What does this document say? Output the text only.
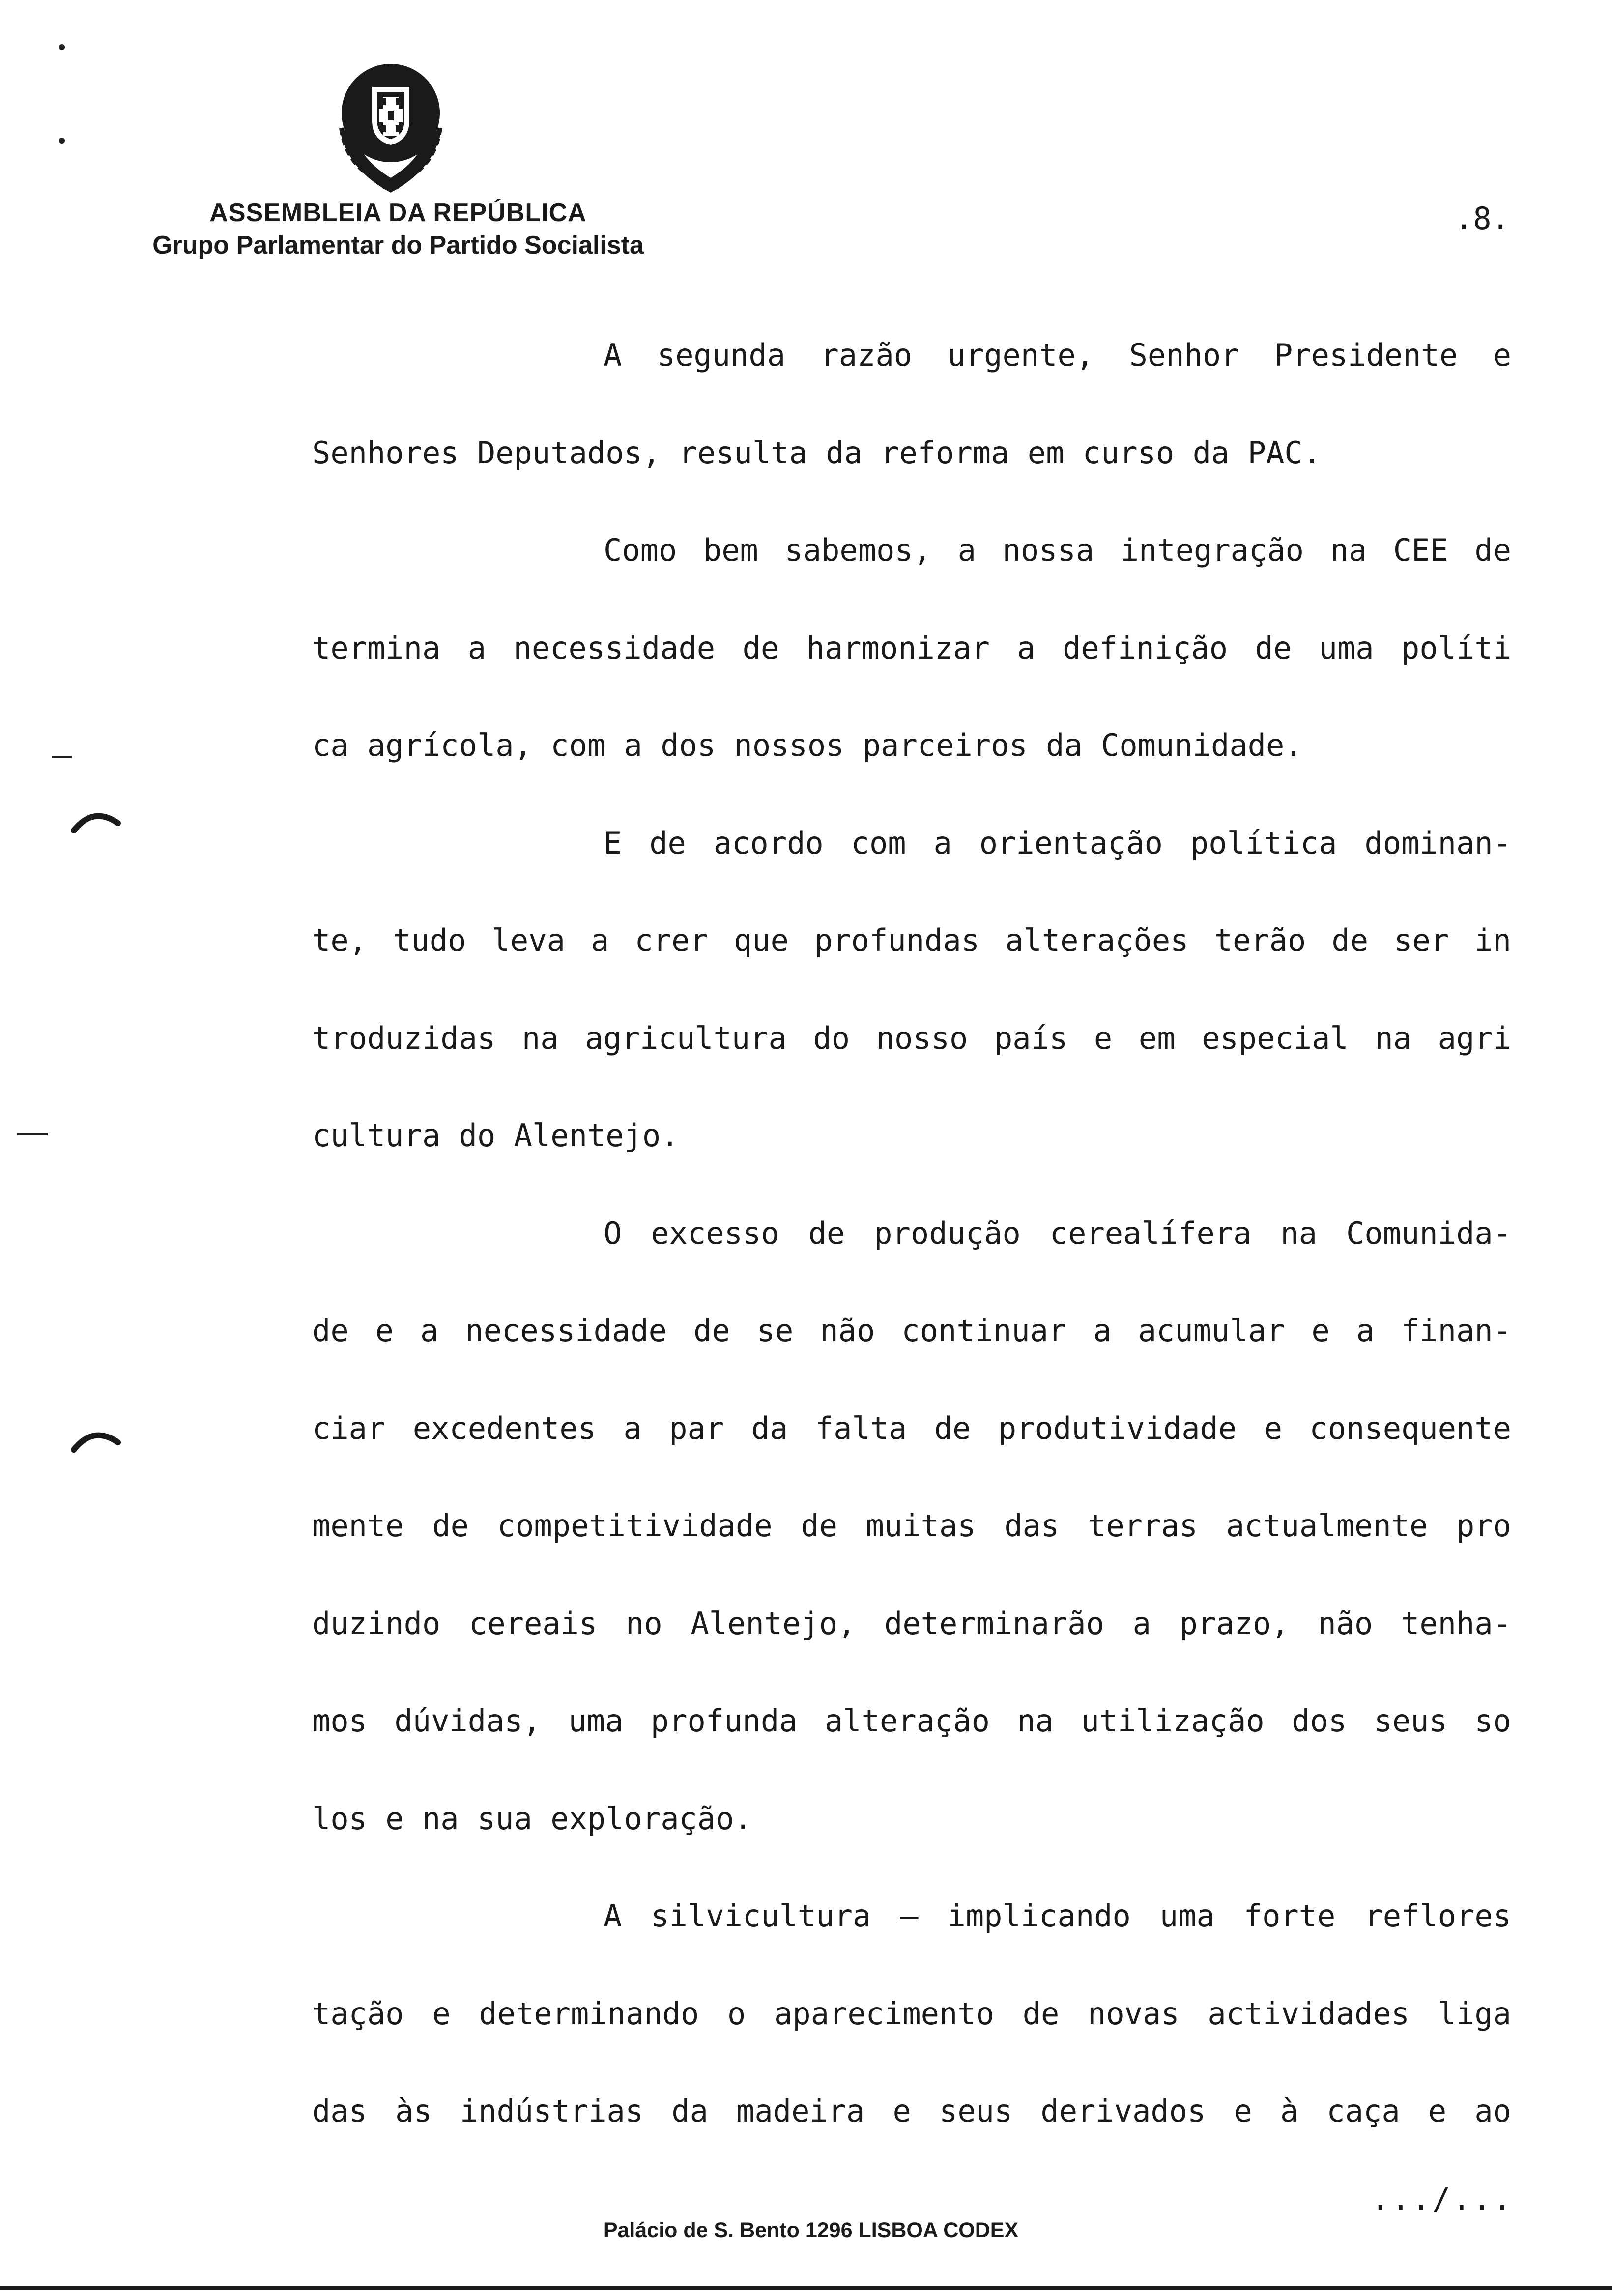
ASSEMBLEIA DA REPÚBLICA
Grupo Parlamentar do Partido Socialista
.8.
A segunda razão urgente, Senhor Presidente e
Senhores Deputados, resulta da reforma em curso da PAC.
Como bem sabemos, a nossa integração na CEE de
termina a necessidade de harmonizar a definição de uma políti
ca agrícola, com a dos nossos parceiros da Comunidade.
E de acordo com a orientação política dominan-
te, tudo leva a crer que profundas alterações terão de ser in
troduzidas na agricultura do nosso país e em especial na agri
cultura do Alentejo.
O excesso de produção cerealífera na Comunida-
de e a necessidade de se não continuar a acumular e a finan-
ciar excedentes a par da falta de produtividade e consequente
mente de competitividade de muitas das terras actualmente pro
duzindo cereais no Alentejo, determinarão a prazo, não tenha-
mos dúvidas, uma profunda alteração na utilização dos seus so
los e na sua exploração.
A silvicultura – implicando uma forte reflores
tação e determinando o aparecimento de novas actividades liga
das às indústrias da madeira e seus derivados e à caça e ao
.../...
Palácio de S. Bento 1296 LISBOA CODEX
